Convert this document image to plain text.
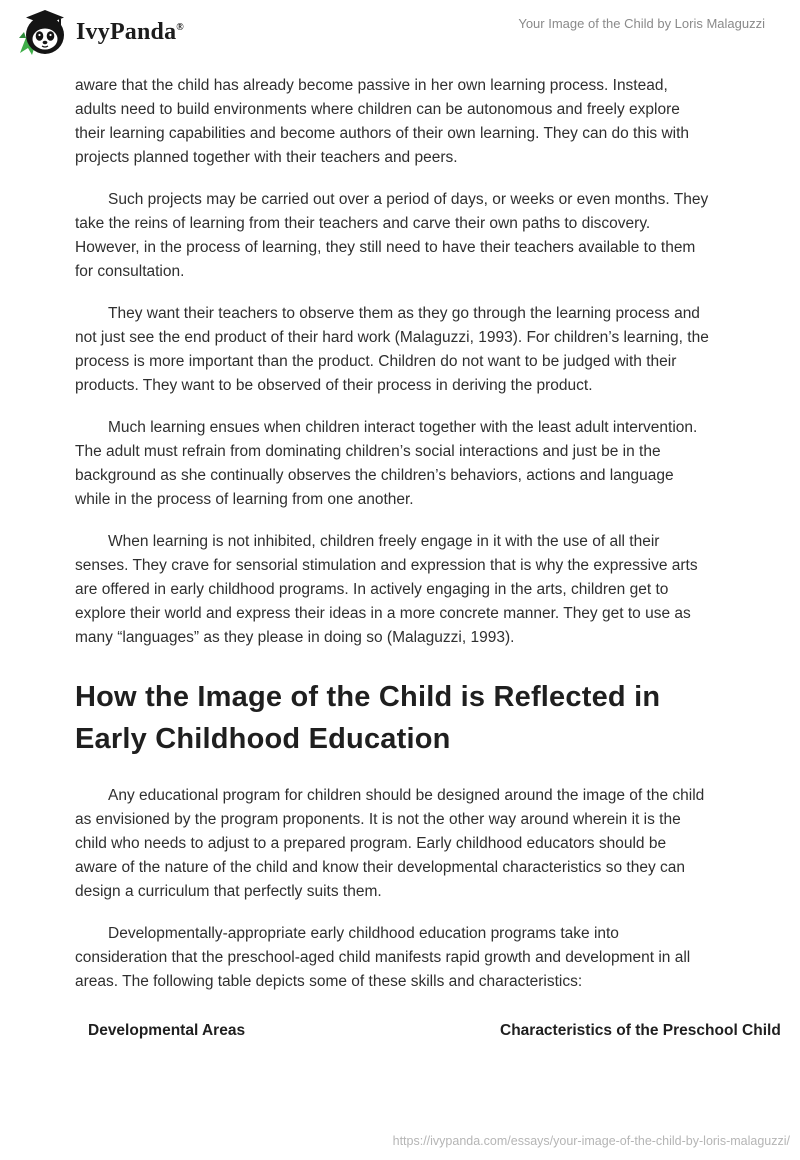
IvyPanda®	Your Image of the Child by Loris Malaguzzi

aware that the child has already become passive in her own learning process. Instead, adults need to build environments where children can be autonomous and freely explore their learning capabilities and become authors of their own learning. They can do this with projects planned together with their teachers and peers.

Such projects may be carried out over a period of days, or weeks or even months. They take the reins of learning from their teachers and carve their own paths to discovery. However, in the process of learning, they still need to have their teachers available to them for consultation.

They want their teachers to observe them as they go through the learning process and not just see the end product of their hard work (Malaguzzi, 1993). For children’s learning, the process is more important than the product. Children do not want to be judged with their products. They want to be observed of their process in deriving the product.

Much learning ensues when children interact together with the least adult intervention. The adult must refrain from dominating children’s social interactions and just be in the background as she continually observes the children’s behaviors, actions and language while in the process of learning from one another.

When learning is not inhibited, children freely engage in it with the use of all their senses. They crave for sensorial stimulation and expression that is why the expressive arts are offered in early childhood programs. In actively engaging in the arts, children get to explore their world and express their ideas in a more concrete manner. They get to use as many “languages” as they please in doing so (Malaguzzi, 1993).

How the Image of the Child is Reflected in Early Childhood Education

Any educational program for children should be designed around the image of the child as envisioned by the program proponents. It is not the other way around wherein it is the child who needs to adjust to a prepared program. Early childhood educators should be aware of the nature of the child and know their developmental characteristics so they can design a curriculum that perfectly suits them.

Developmentally-appropriate early childhood education programs take into consideration that the preschool-aged child manifests rapid growth and development in all areas. The following table depicts some of these skills and characteristics:

Developmental Areas	Characteristics of the Preschool Child
https://ivypanda.com/essays/your-image-of-the-child-by-loris-malaguzzi/
